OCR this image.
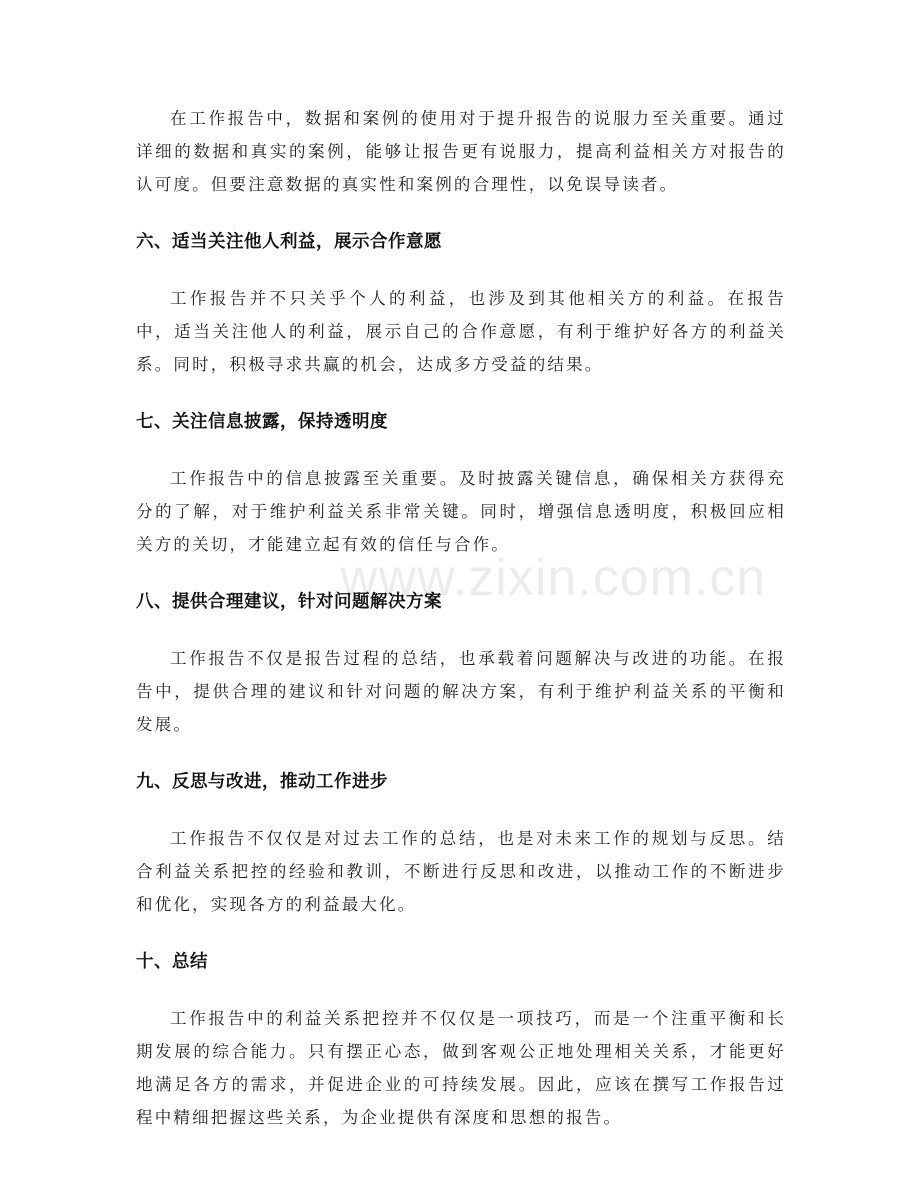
在工作报告中，数据和案例的使用对于提升报告的说服力至关重要。通过详细的数据和真实的案例，能够让报告更有说服力，提高利益相关方对报告的认可度。但要注意数据的真实性和案例的合理性，以免误导读者。

六、适当关注他人利益，展示合作意愿

工作报告并不只关乎个人的利益，也涉及到其他相关方的利益。在报告中，适当关注他人的利益，展示自己的合作意愿，有利于维护好各方的利益关系。同时，积极寻求共赢的机会，达成多方受益的结果。

七、关注信息披露，保持透明度

工作报告中的信息披露至关重要。及时披露关键信息，确保相关方获得充分的了解，对于维护利益关系非常关键。同时，增强信息透明度，积极回应相关方的关切，才能建立起有效的信任与合作。

八、提供合理建议，针对问题解决方案

工作报告不仅是报告过程的总结，也承载着问题解决与改进的功能。在报告中，提供合理的建议和针对问题的解决方案，有利于维护利益关系的平衡和发展。

九、反思与改进，推动工作进步

工作报告不仅仅是对过去工作的总结，也是对未来工作的规划与反思。结合利益关系把控的经验和教训，不断进行反思和改进，以推动工作的不断进步和优化，实现各方的利益最大化。

十、总结

工作报告中的利益关系把控并不仅仅是一项技巧，而是一个注重平衡和长期发展的综合能力。只有摆正心态，做到客观公正地处理相关关系，才能更好地满足各方的需求，并促进企业的可持续发展。因此，应该在撰写工作报告过程中精细把握这些关系，为企业提供有深度和思想的报告。

www.zixin.com.cn
